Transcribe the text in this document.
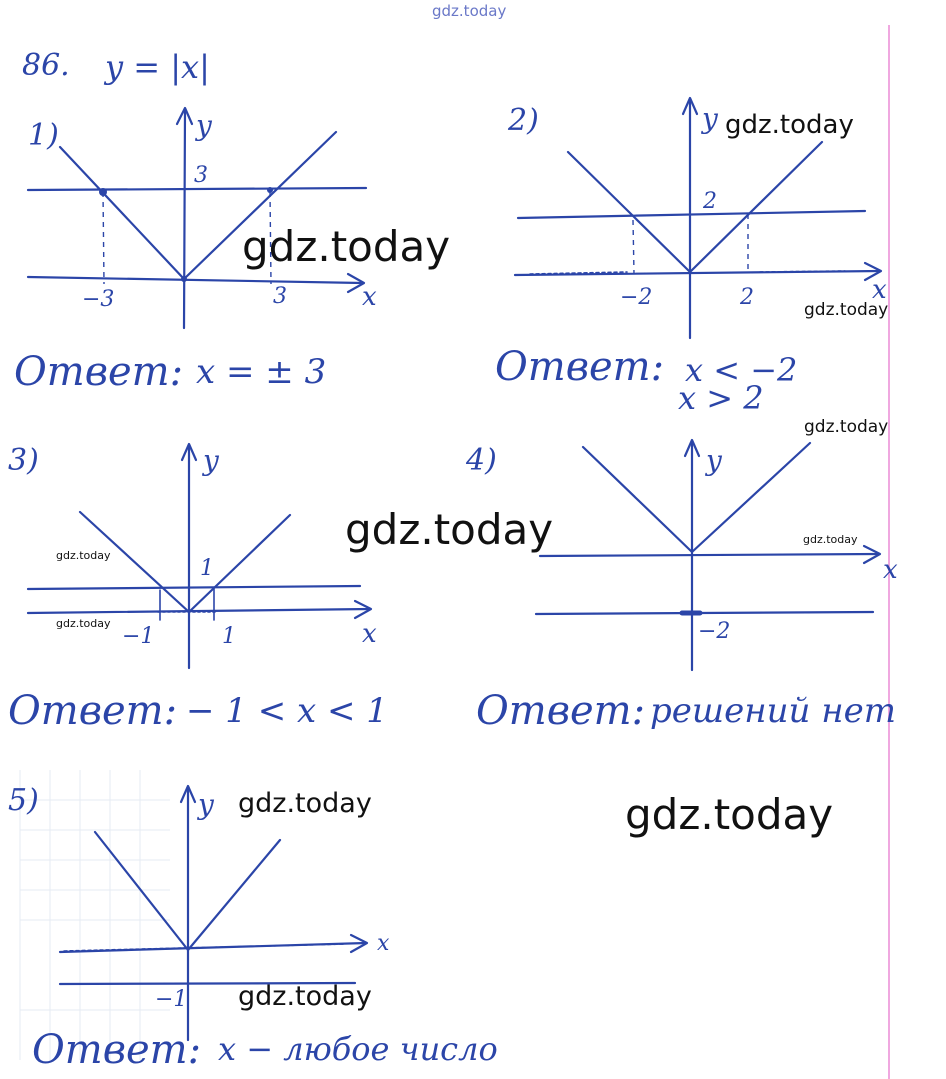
gdz.today
86. y = |x|
1)	y
x
3
−3	3
Ответ: x = ± 3
2)	y
x
2
−2	2
Ответ: x < −2
x > 2
3)	y
x
1
−1	1
Ответ: − 1 < x < 1
4)	y
x
−2
Ответ: решений нет
5)	y
x
−1
Ответ: x − любое число
gdz.today
gdz.today
gdz.today
gdz.today
gdz.today	gdz.today
gdz.today
gdz.today
gdz.today	gdz.today
gdz.today
